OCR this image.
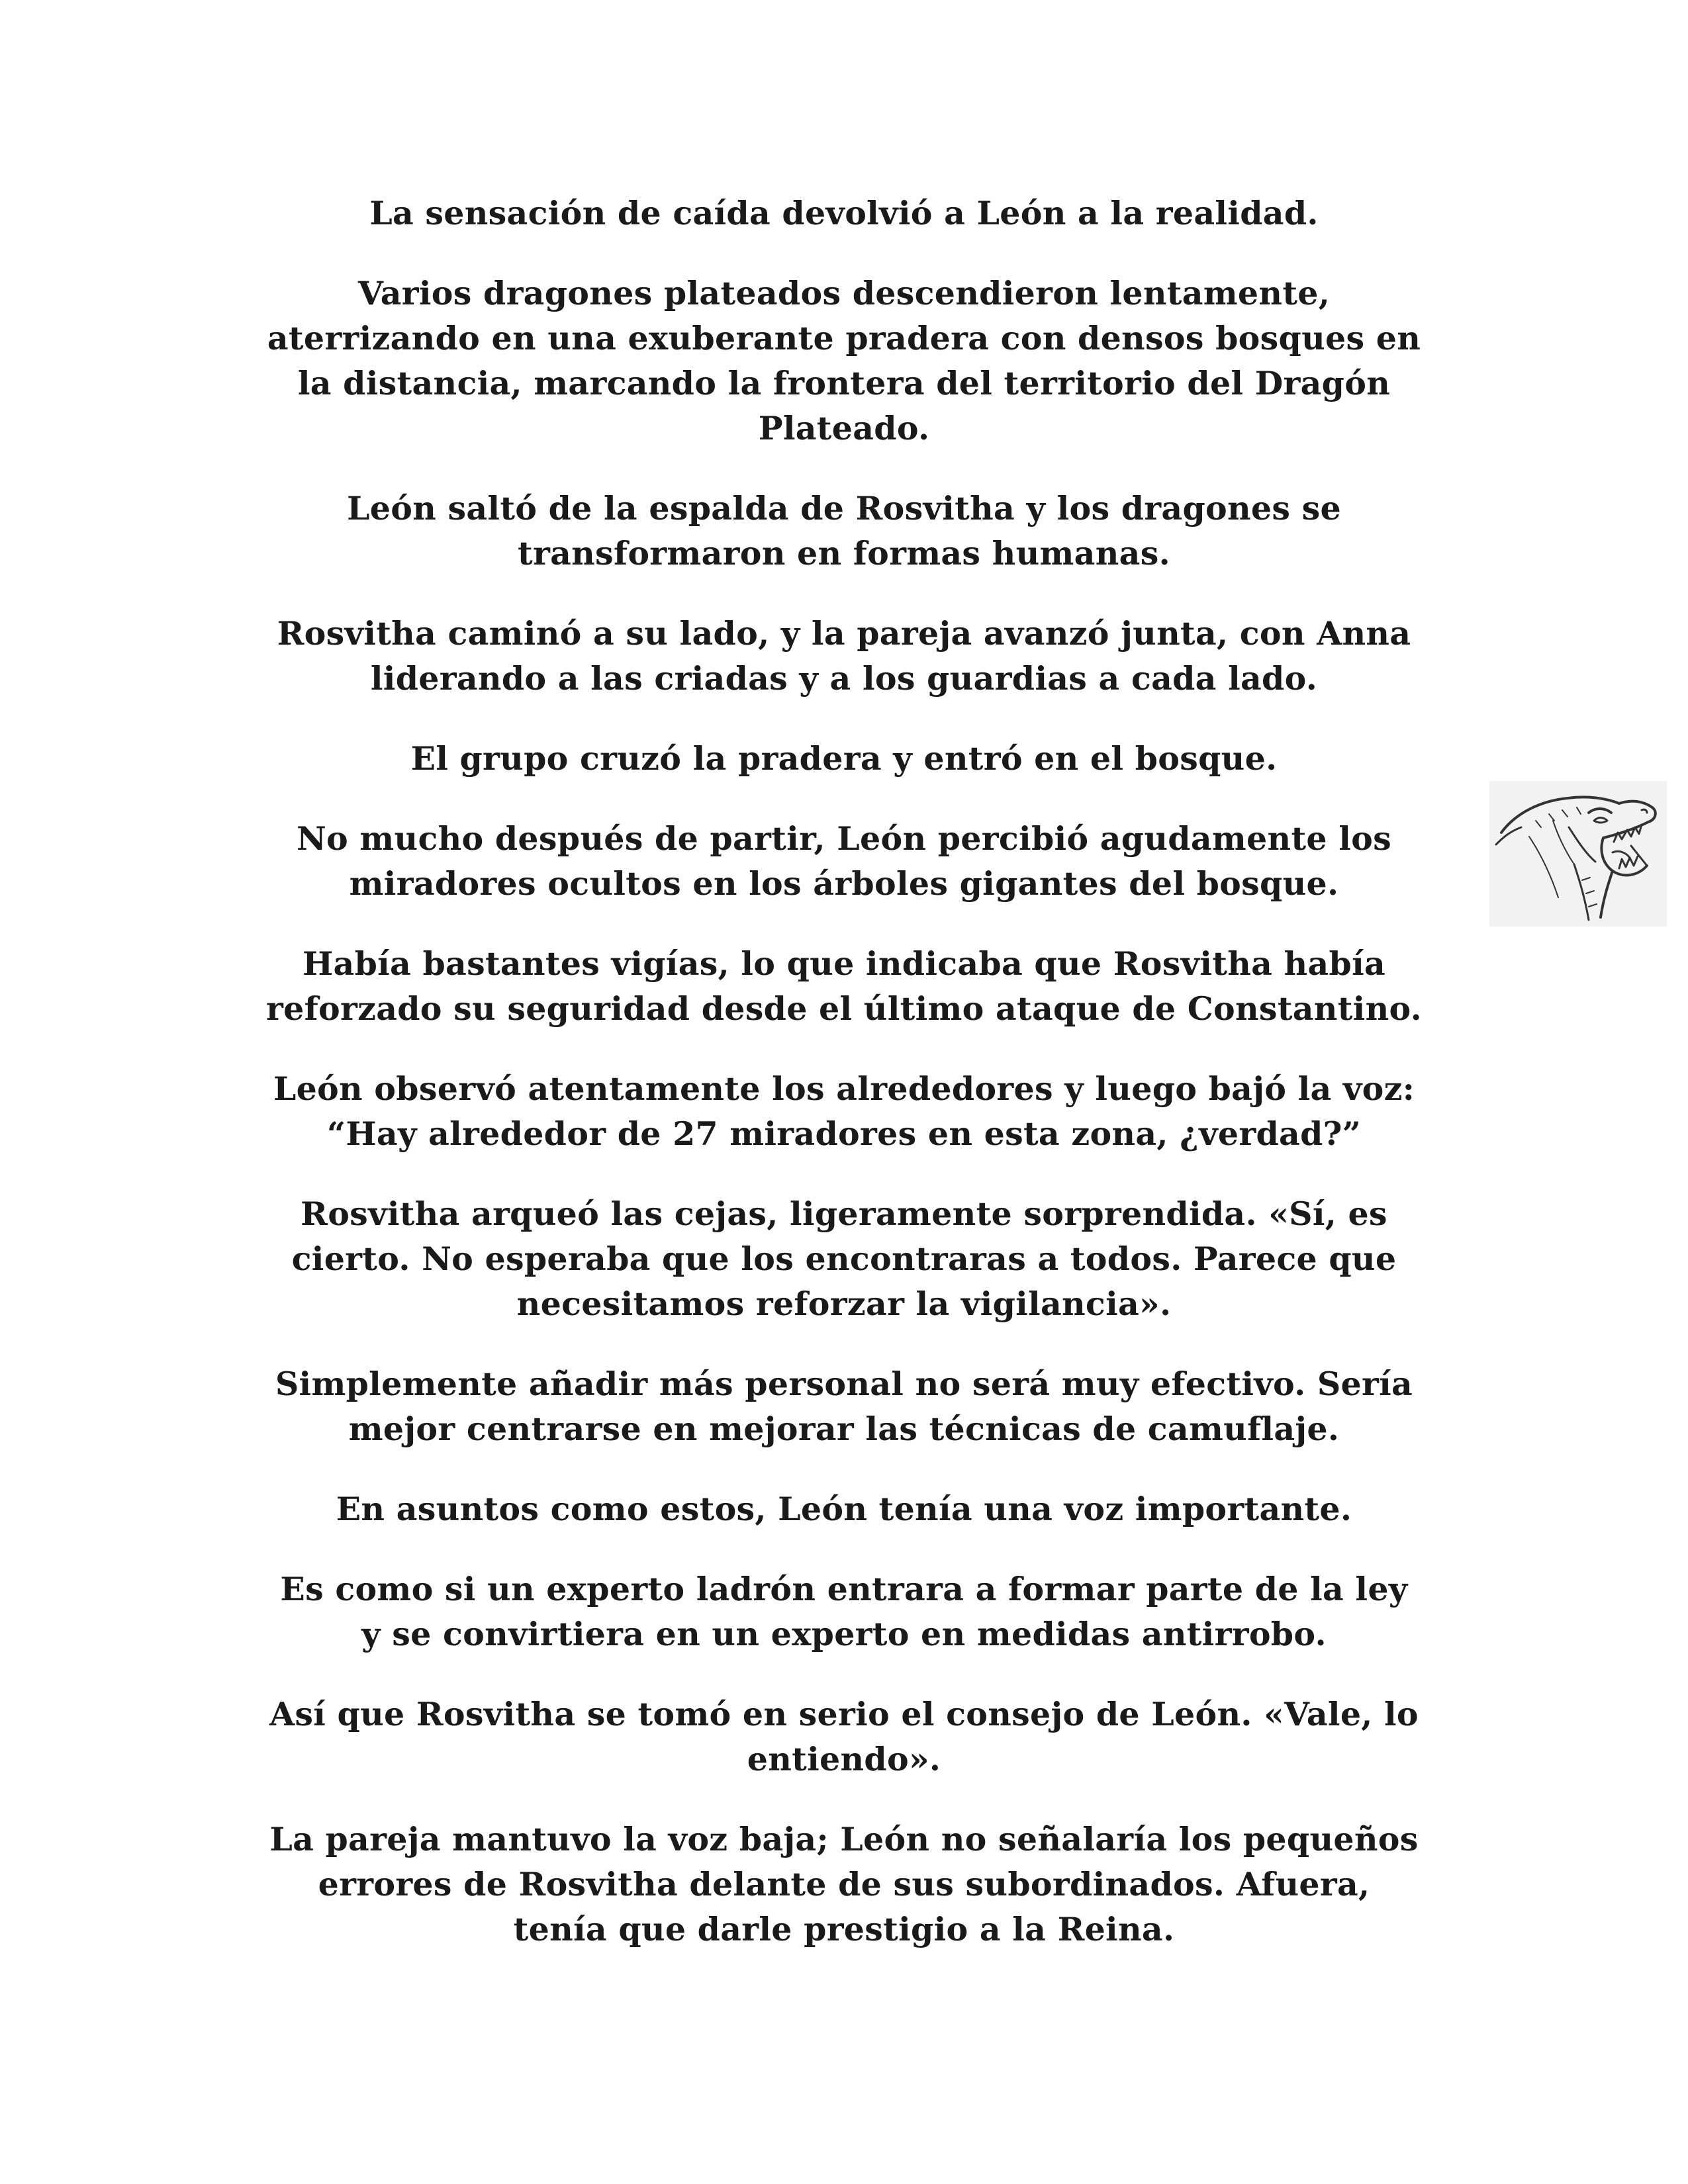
La sensación de caída devolvió a León a la realidad.

Varios dragones plateados descendieron lentamente,
aterrizando en una exuberante pradera con densos bosques en
la distancia, marcando la frontera del territorio del Dragón
Plateado.

León saltó de la espalda de Rosvitha y los dragones se
transformaron en formas humanas.

Rosvitha caminó a su lado, y la pareja avanzó junta, con Anna
liderando a las criadas y a los guardias a cada lado.

El grupo cruzó la pradera y entró en el bosque.

No mucho después de partir, León percibió agudamente los
miradores ocultos en los árboles gigantes del bosque.

Había bastantes vigías, lo que indicaba que Rosvitha había
reforzado su seguridad desde el último ataque de Constantino.

León observó atentamente los alrededores y luego bajó la voz:
“Hay alrededor de 27 miradores en esta zona, ¿verdad?”

Rosvitha arqueó las cejas, ligeramente sorprendida. «Sí, es
cierto. No esperaba que los encontraras a todos. Parece que
necesitamos reforzar la vigilancia».

Simplemente añadir más personal no será muy efectivo. Sería
mejor centrarse en mejorar las técnicas de camuflaje.

En asuntos como estos, León tenía una voz importante.

Es como si un experto ladrón entrara a formar parte de la ley
y se convirtiera en un experto en medidas antirrobo.

Así que Rosvitha se tomó en serio el consejo de León. «Vale, lo
entiendo».

La pareja mantuvo la voz baja; León no señalaría los pequeños
errores de Rosvitha delante de sus subordinados. Afuera,
tenía que darle prestigio a la Reina.
